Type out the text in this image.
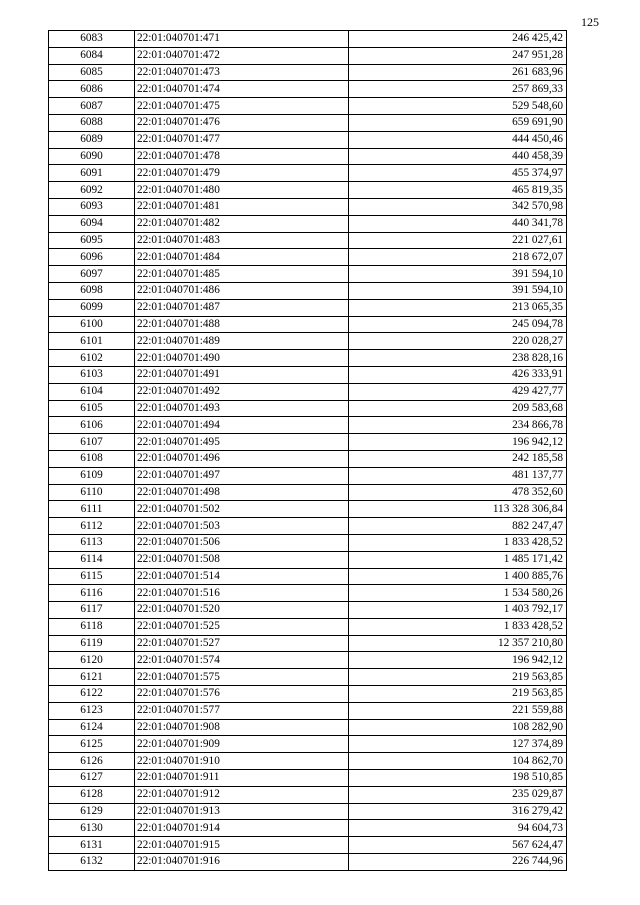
125
6083	22:01:040701:471	246 425,42
6084	22:01:040701:472	247 951,28
6085	22:01:040701:473	261 683,96
6086	22:01:040701:474	257 869,33
6087	22:01:040701:475	529 548,60
6088	22:01:040701:476	659 691,90
6089	22:01:040701:477	444 450,46
6090	22:01:040701:478	440 458,39
6091	22:01:040701:479	455 374,97
6092	22:01:040701:480	465 819,35
6093	22:01:040701:481	342 570,98
6094	22:01:040701:482	440 341,78
6095	22:01:040701:483	221 027,61
6096	22:01:040701:484	218 672,07
6097	22:01:040701:485	391 594,10
6098	22:01:040701:486	391 594,10
6099	22:01:040701:487	213 065,35
6100	22:01:040701:488	245 094,78
6101	22:01:040701:489	220 028,27
6102	22:01:040701:490	238 828,16
6103	22:01:040701:491	426 333,91
6104	22:01:040701:492	429 427,77
6105	22:01:040701:493	209 583,68
6106	22:01:040701:494	234 866,78
6107	22:01:040701:495	196 942,12
6108	22:01:040701:496	242 185,58
6109	22:01:040701:497	481 137,77
6110	22:01:040701:498	478 352,60
6111	22:01:040701:502	113 328 306,84
6112	22:01:040701:503	882 247,47
6113	22:01:040701:506	1 833 428,52
6114	22:01:040701:508	1 485 171,42
6115	22:01:040701:514	1 400 885,76
6116	22:01:040701:516	1 534 580,26
6117	22:01:040701:520	1 403 792,17
6118	22:01:040701:525	1 833 428,52
6119	22:01:040701:527	12 357 210,80
6120	22:01:040701:574	196 942,12
6121	22:01:040701:575	219 563,85
6122	22:01:040701:576	219 563,85
6123	22:01:040701:577	221 559,88
6124	22:01:040701:908	108 282,90
6125	22:01:040701:909	127 374,89
6126	22:01:040701:910	104 862,70
6127	22:01:040701:911	198 510,85
6128	22:01:040701:912	235 029,87
6129	22:01:040701:913	316 279,42
6130	22:01:040701:914	94 604,73
6131	22:01:040701:915	567 624,47
6132	22:01:040701:916	226 744,96
